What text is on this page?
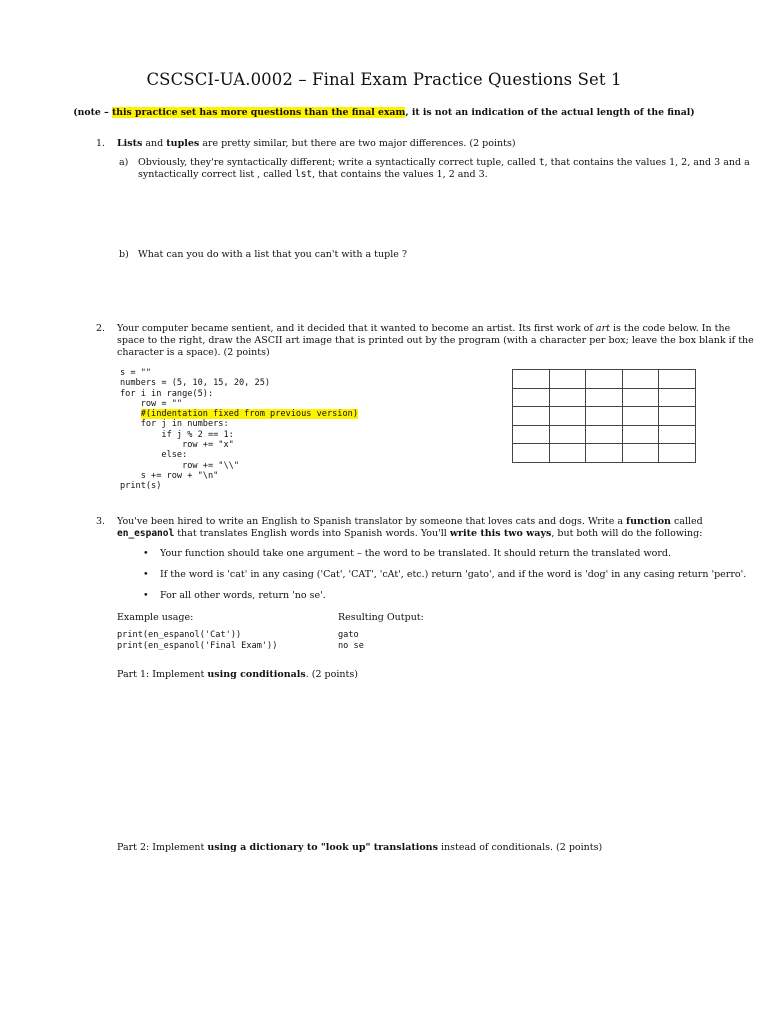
CSCSCI-UA.0002 – Final Exam Practice Questions Set 1
(note – this practice set has more questions than the final exam, it is not an indication of the actual length of the final)
1. Lists and tuples are pretty similar, but there are two major differences. (2 points)
a) Obviously, they're syntactically different; write a syntactically correct tuple, called t, that contains the values 1, 2, and 3 and a
syntactically correct list , called lst, that contains the values 1, 2 and 3.
b) What can you do with a list that you can't with a tuple ?
2. Your computer became sentient, and it decided that it wanted to become an artist. Its first work of art is the code below. In the
space to the right, draw the ASCII art image that is printed out by the program (with a character per box; leave the box blank if the
character is a space). (2 points)
s = ""
numbers = (5, 10, 15, 20, 25)
for i in range(5):
row = ""
#(indentation fixed from previous version)
for j in numbers:
if j % 2 == 1:
row += "x"
else:
row += "\\"
s += row + "\n"
print(s)

3. You've been hired to write an English to Spanish translator by someone that loves cats and dogs. Write a function called
en_espanol that translates English words into Spanish words. You'll write this two ways, but both will do the following:
• Your function should take one argument – the word to be translated. It should return the translated word.
• If the word is 'cat' in any casing ('Cat', 'CAT', 'cAt', etc.) return 'gato', and if the word is 'dog' in any casing return 'perro'.
• For all other words, return 'no se'.
Example usage:	Resulting Output:
print(en_espanol('Cat'))	gato
print(en_espanol('Final Exam'))	no se
Part 1: Implement using conditionals. (2 points)
Part 2: Implement using a dictionary to "look up" translations instead of conditionals. (2 points)
